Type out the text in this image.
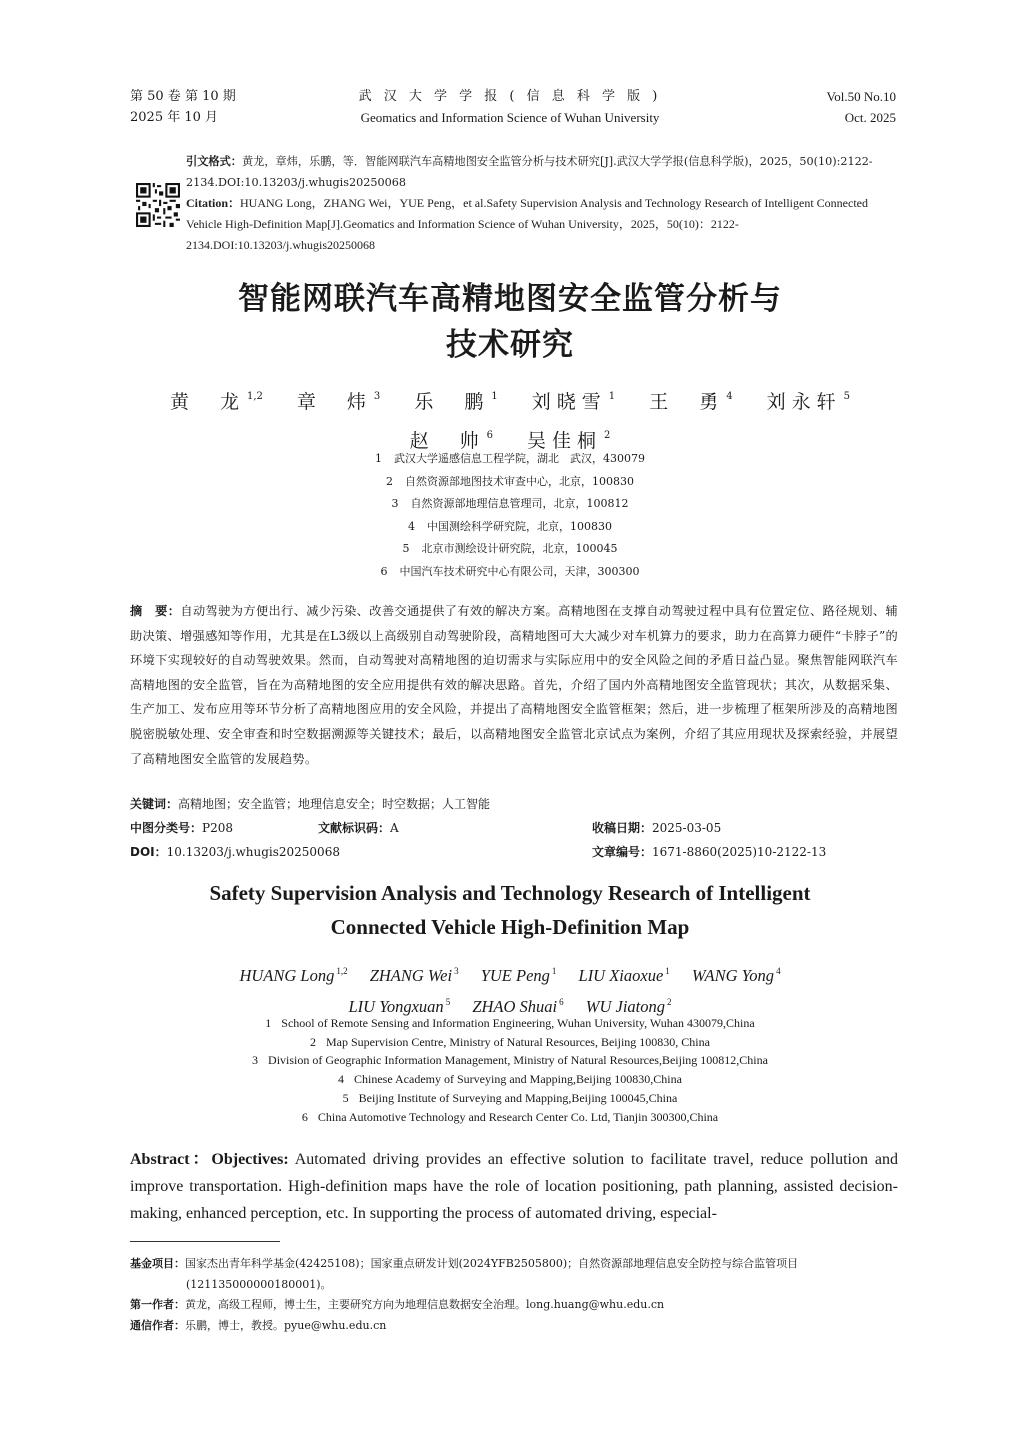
第 50 卷 第 10 期
2025 年 10 月
武 汉 大 学 学 报 ( 信 息 科 学 版 )
Geomatics and Information Science of Wuhan University
Vol.50 No.10
Oct. 2025
引文格式：黄龙，章炜，乐鹏，等．智能网联汽车高精地图安全监管分析与技术研究[J].武汉大学学报(信息科学版)，2025，50(10):2122-2134.DOI:10.13203/j.whugis20250068
Citation：HUANG Long，ZHANG Wei，YUE Peng，et al.Safety Supervision Analysis and Technology Research of Intelligent Connected Vehicle High-Definition Map[J].Geomatics and Information Science of Wuhan University，2025，50(10)：2122-2134.DOI:10.13203/j.whugis20250068
智能网联汽车高精地图安全监管分析与
技术研究
黄　龙 $^{1,2}$ 章　炜 $^3$ 乐　鹏 $^1$ 刘晓雪 $^1$ 王　勇 $^4$ 刘永轩 $^5$
赵　帅 $^6$ 吴佳桐 $^2$
1 武汉大学遥感信息工程学院，湖北　武汉，430079
2 自然资源部地图技术审查中心，北京，100830
3 自然资源部地理信息管理司，北京，100812
4 中国测绘科学研究院，北京，100830
5 北京市测绘设计研究院，北京，100045
6 中国汽车技术研究中心有限公司，天津，300300
摘　要：自动驾驶为方便出行、减少污染、改善交通提供了有效的解决方案。高精地图在支撑自动驾驶过程中具有位置定位、路径规划、辅助决策、增强感知等作用，尤其是在L3级以上高级别自动驾驶阶段，高精地图可大大减少对车机算力的要求，助力在高算力硬件“卡脖子”的环境下实现较好的自动驾驶效果。然而，自动驾驶对高精地图的迫切需求与实际应用中的安全风险之间的矛盾日益凸显。聚焦智能网联汽车高精地图的安全监管，旨在为高精地图的安全应用提供有效的解决思路。首先，介绍了国内外高精地图安全监管现状；其次，从数据采集、生产加工、发布应用等环节分析了高精地图应用的安全风险，并提出了高精地图安全监管框架；然后，进一步梳理了框架所涉及的高精地图脱密脱敏处理、安全审查和时空数据溯源等关键技术；最后，以高精地图安全监管北京试点为案例，介绍了其应用现状及探索经验，并展望了高精地图安全监管的发展趋势。
关键词：高精地图；安全监管；地理信息安全；时空数据；人工智能
中图分类号：P208	文献标识码：A	收稿日期：2025-03-05
DOI：10.13203/j.whugis20250068	文章编号：1671-8860(2025)10-2122-13
Safety Supervision Analysis and Technology Research of Intelligent
Connected Vehicle High-Definition Map
HUANG Long $^{1,2}$ ZHANG Wei $^3$ YUE Peng $^1$ LIU Xiaoxue $^1$ WANG Yong $^4$
LIU Yongxuan $^5$ ZHAO Shuai $^6$ WU Jiatong $^2$
1 School of Remote Sensing and Information Engineering, Wuhan University, Wuhan 430079,China
2 Map Supervision Centre, Ministry of Natural Resources, Beijing 100830, China
3 Division of Geographic Information Management, Ministry of Natural Resources,Beijing 100812,China
4 Chinese Academy of Surveying and Mapping,Beijing 100830,China
5 Beijing Institute of Surveying and Mapping,Beijing 100045,China
6 China Automotive Technology and Research Center Co. Ltd, Tianjin 300300,China
Abstract：Objectives: Automated driving provides an effective solution to facilitate travel, reduce pollution and improve transportation. High-definition maps have the role of location positioning, path planning, assisted decision-making, enhanced perception, etc. In supporting the process of automated driving, especial-
基金项目：国家杰出青年科学基金(42425108)；国家重点研发计划(2024YFB2505800)；自然资源部地理信息安全防控与综合监管项目
(121135000000180001)。
第一作者：黄龙，高级工程师，博士生，主要研究方向为地理信息数据安全治理。long.huang@whu.edu.cn
通信作者：乐鹏，博士，教授。pyue@whu.edu.cn
